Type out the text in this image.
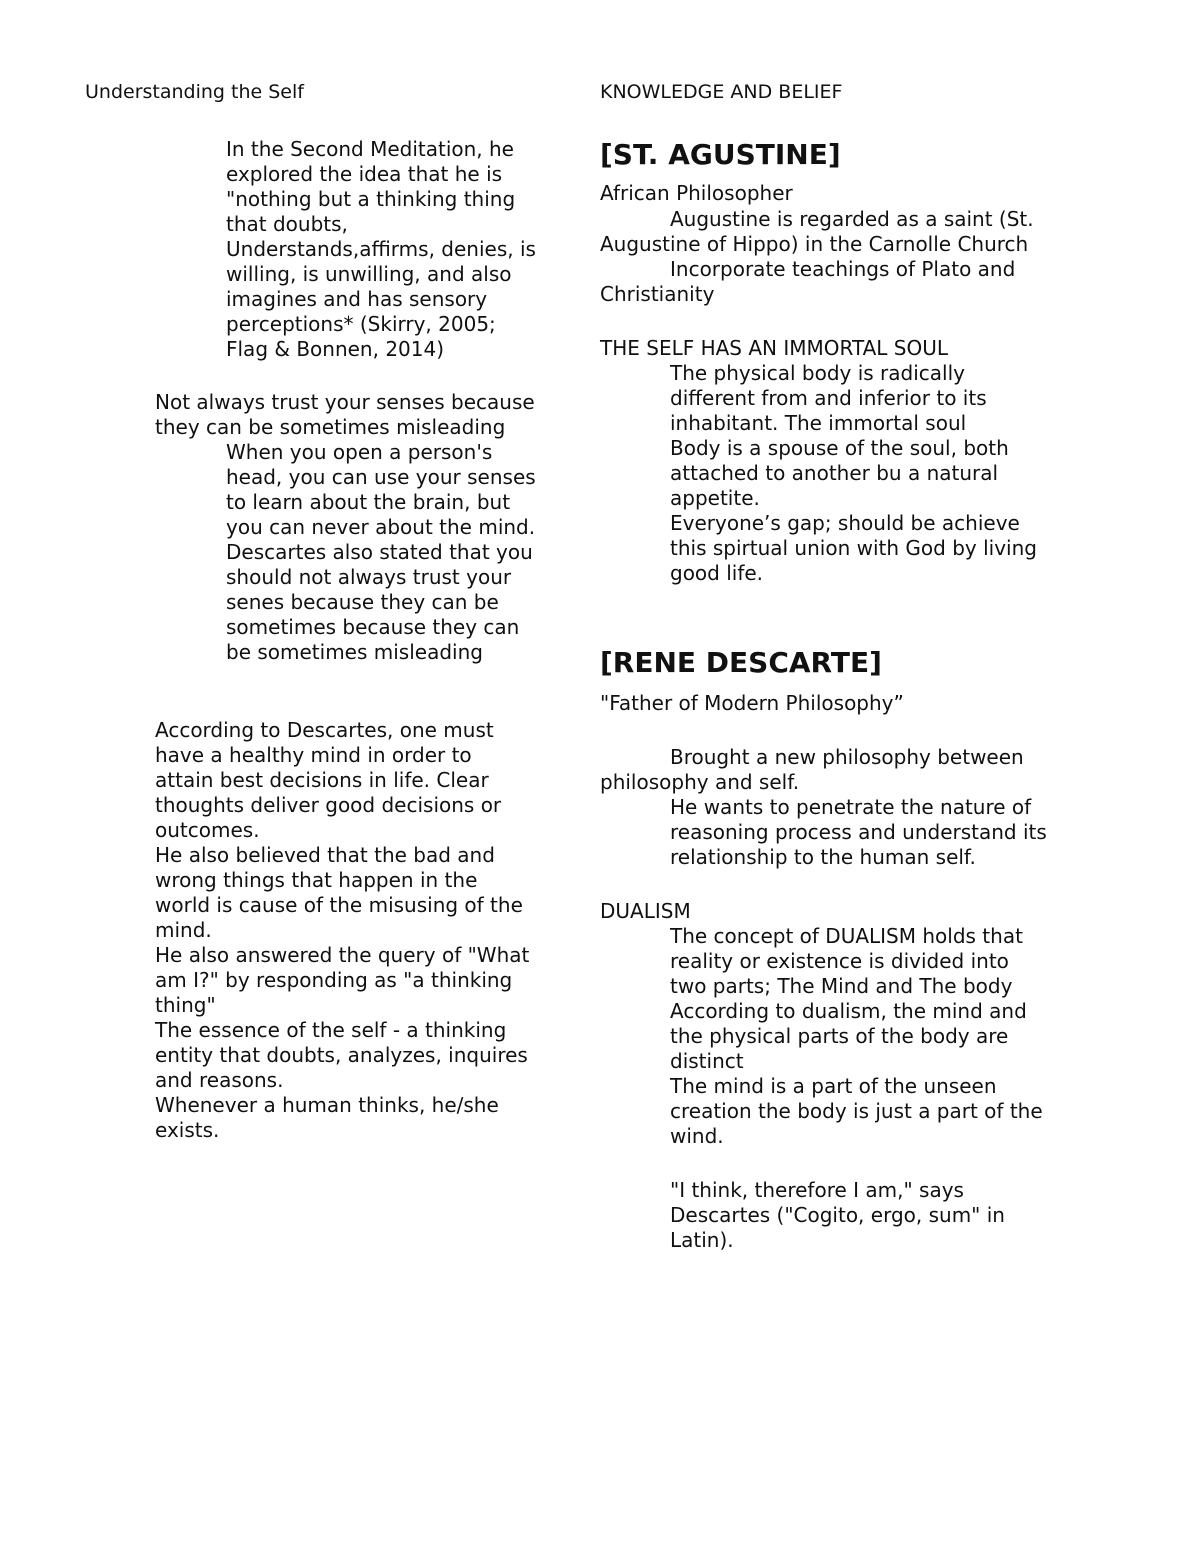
Understanding the Self	KNOWLEDGE AND BELIEF
In the Second Meditation, he
explored the idea that he is
"nothing but a thinking thing
that doubts,
Understands,affirms, denies, is
willing, is unwilling, and also
imagines and has sensory
perceptions* (Skirry, 2005;
Flag & Bonnen, 2014)
Not always trust your senses because
they can be sometimes misleading
When you open a person's
head, you can use your senses
to learn about the brain, but
you can never about the mind.
Descartes also stated that you
should not always trust your
senes because they can be
sometimes because they can
be sometimes misleading
According to Descartes, one must
have a healthy mind in order to
attain best decisions in life. Clear
thoughts deliver good decisions or
outcomes.
He also believed that the bad and
wrong things that happen in the
world is cause of the misusing of the
mind.
He also answered the query of "What
am I?" by responding as "a thinking
thing"
The essence of the self - a thinking
entity that doubts, analyzes, inquires
and reasons.
Whenever a human thinks, he/she
exists.
[ST. AGUSTINE]
African Philosopher
Augustine is regarded as a saint (St.
Augustine of Hippo) in the Carnolle Church
Incorporate teachings of Plato and
Christianity
THE SELF HAS AN IMMORTAL SOUL
The physical body is radically
different from and inferior to its
inhabitant. The immortal soul
Body is a spouse of the soul, both
attached to another bu a natural
appetite.
Everyone’s gap; should be achieve
this spirtual union with God by living
good life.
[RENE DESCARTE]
"Father of Modern Philosophy”
Brought a new philosophy between
philosophy and self.
He wants to penetrate the nature of
reasoning process and understand its
relationship to the human self.
DUALISM
The concept of DUALISM holds that
reality or existence is divided into
two parts; The Mind and The body
According to dualism, the mind and
the physical parts of the body are
distinct
The mind is a part of the unseen
creation the body is just a part of the
wind.
"I think, therefore I am," says
Descartes ("Cogito, ergo, sum" in
Latin).
